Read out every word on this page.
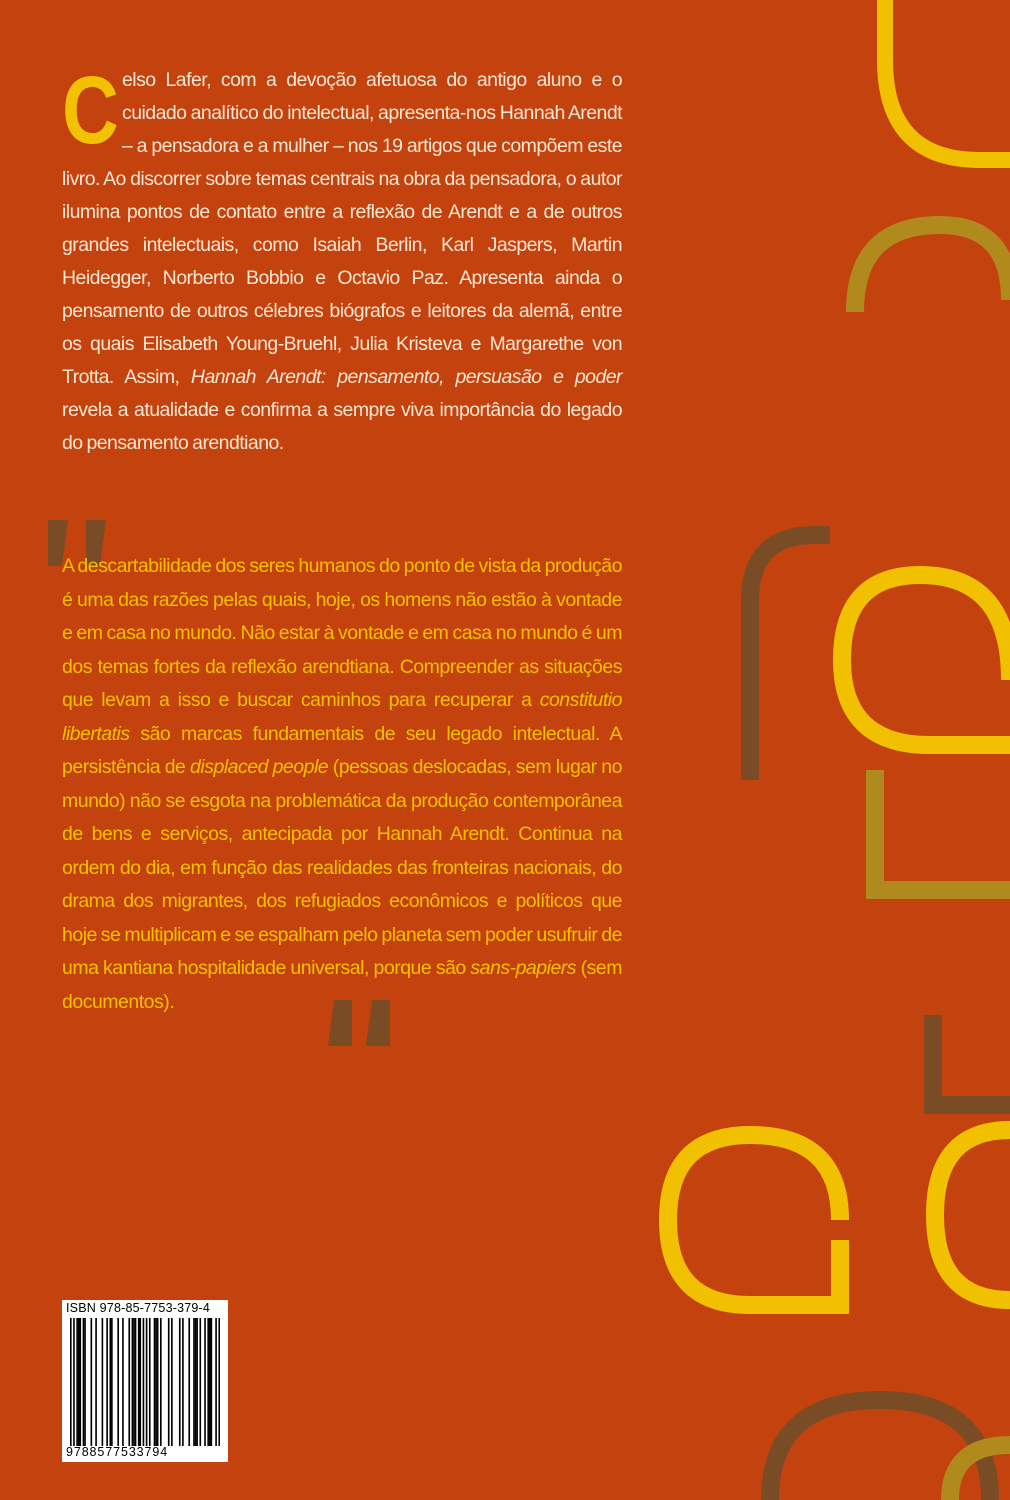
Celso Lafer, com a devoção afetuosa do antigo aluno e o cuidado analítico do intelectual, apresenta-nos Hannah Arendt – a pensadora e a mulher – nos 19 artigos que compõem este livro. Ao discorrer sobre temas centrais na obra da pensadora, o autor ilumina pontos de contato entre a reflexão de Arendt e a de outros grandes intelectuais, como Isaiah Berlin, Karl Jaspers, Martin Heidegger, Norberto Bobbio e Octavio Paz. Apresenta ainda o pensamento de outros célebres biógrafos e leitores da alemã, entre os quais Elisabeth Young-Bruehl, Julia Kristeva e Margarethe von Trotta. Assim, Hannah Arendt: pensamento, persuasão e poder revela a atualidade e confirma a sempre viva importância do legado do pensamento arendtiano.

A descartabilidade dos seres humanos do ponto de vista da produção é uma das razões pelas quais, hoje, os homens não estão à vontade e em casa no mundo. Não estar à vontade e em casa no mundo é um dos temas fortes da reflexão arendtiana. Compreender as situações que levam a isso e buscar caminhos para recuperar a constitutio libertatis são marcas fundamentais de seu legado intelectual. A persistência de displaced people (pessoas deslocadas, sem lugar no mundo) não se esgota na problemática da produção contemporânea de bens e serviços, antecipada por Hannah Arendt. Continua na ordem do dia, em função das realidades das fronteiras nacionais, do drama dos migrantes, dos refugiados econômicos e políticos que hoje se multiplicam e se espalham pelo planeta sem poder usufruir de uma kantiana hospitalidade universal, porque são sans-papiers (sem documentos).

ISBN 978-85-7753-379-4
9788577533794
